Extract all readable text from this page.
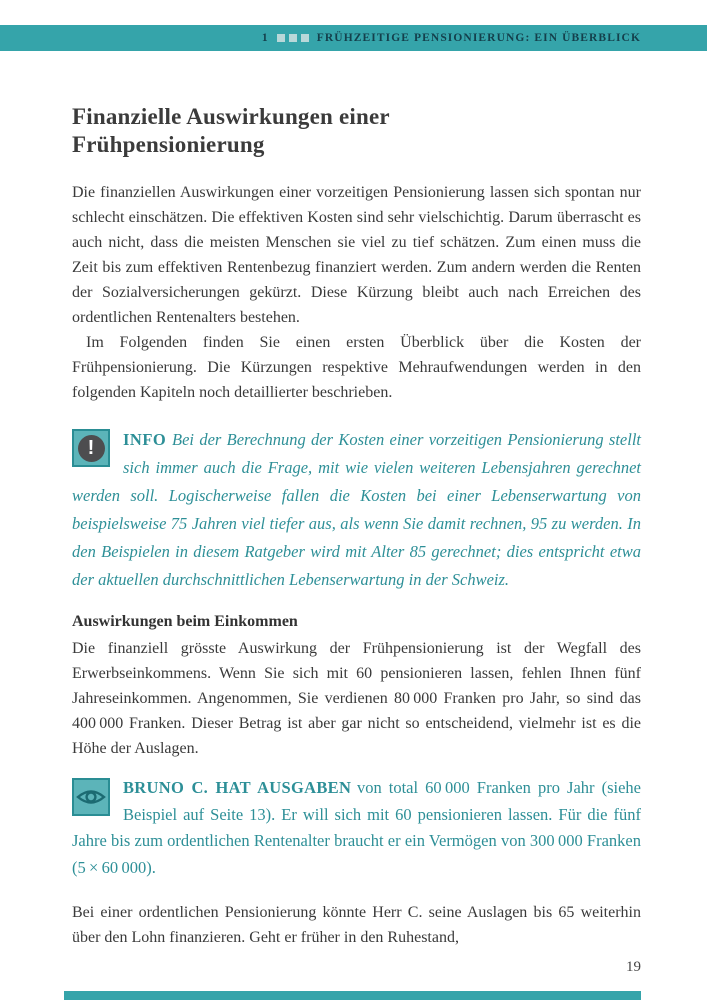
1	FRÜHZEITIGE PENSIONIERUNG: EIN ÜBERBLICK
Finanzielle Auswirkungen einer
Frühpensionierung

Die finanziellen Auswirkungen einer vorzeitigen Pensionierung lassen sich spontan nur schlecht einschätzen. Die effektiven Kosten sind sehr vielschichtig. Darum überrascht es auch nicht, dass die meisten Menschen sie viel zu tief schätzen. Zum einen muss die Zeit bis zum effektiven Rentenbezug finanziert werden. Zum andern werden die Renten der Sozialversicherungen gekürzt. Diese Kürzung bleibt auch nach Erreichen des ordentlichen Rentenalters bestehen.

Im Folgenden finden Sie einen ersten Überblick über die Kosten der Frühpensionierung. Die Kürzungen respektive Mehraufwendungen werden in den folgenden Kapiteln noch detaillierter beschrieben.

!	INFO Bei der Berechnung der Kosten einer vorzeitigen Pensionierung stellt sich immer auch die Frage, mit wie vielen weiteren Lebensjahren gerechnet werden soll. Logischerweise fallen die Kosten bei einer Lebenserwartung von beispielsweise 75 Jahren viel tiefer aus, als wenn Sie damit rechnen, 95 zu werden. In den Beispielen in diesem Ratgeber wird mit Alter 85 gerechnet; dies entspricht etwa der aktuellen durchschnittlichen Lebenserwartung in der Schweiz.

Auswirkungen beim Einkommen

Die finanziell grösste Auswirkung der Frühpensionierung ist der Wegfall des Erwerbseinkommens. Wenn Sie sich mit 60 pensionieren lassen, fehlen Ihnen fünf Jahreseinkommen. Angenommen, Sie verdienen 80 000 Franken pro Jahr, so sind das 400 000 Franken. Dieser Betrag ist aber gar nicht so entscheidend, vielmehr ist es die Höhe der Auslagen.

BRUNO C. HAT AUSGABEN von total 60 000 Franken pro Jahr (siehe Beispiel auf Seite 13). Er will sich mit 60 pensionieren lassen. Für die fünf Jahre bis zum ordentlichen Rentenalter braucht er ein Vermögen von 300 000 Franken (5 × 60 000).

Bei einer ordentlichen Pensionierung könnte Herr C. seine Auslagen bis 65 weiterhin über den Lohn finanzieren. Geht er früher in den Ruhestand,

19
